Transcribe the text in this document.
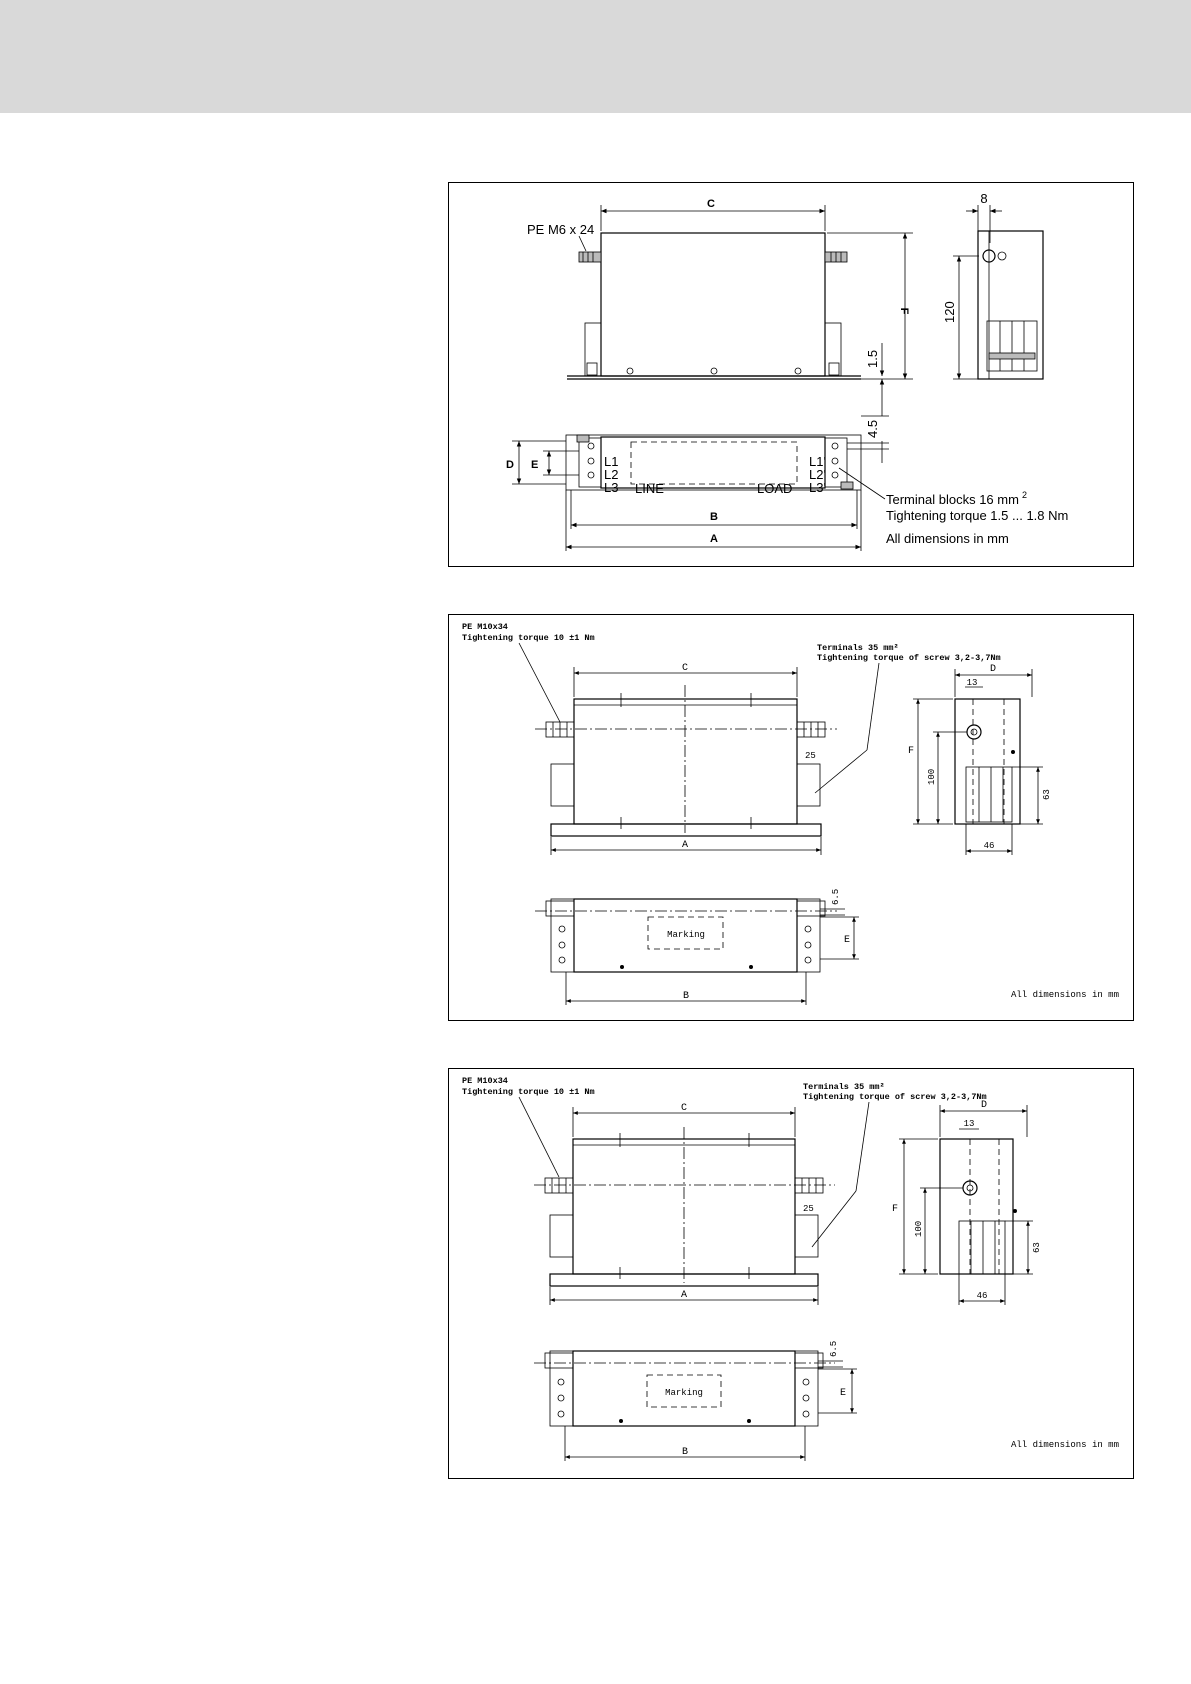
C
PE M6 x 24
F
1.5
4.5
8
120
L1
L2
L3
L1'
L2'
L3'
LINE	LOAD
D E
B
A
Terminal blocks 16 mm $^2$
Tightening torque 1.5 ... 1.8 Nm
All dimensions in mm
PE M10x34
Tightening torque 10 ±1 Nm
Terminals 35 mm²
Tightening torque of screw 3,2-3,7Nm
C
A
25
D
13
F
100
63
46
Marking
6.5
E
B	All dimensions in mm
PE M10x34
Tightening torque 10 ±1 Nm	Terminals 35 mm²
Tightening torque of screw 3,2-3,7Nm
C
A
25
D
13
F
100
63
46
Marking
6.5
E
B
All dimensions in mm
